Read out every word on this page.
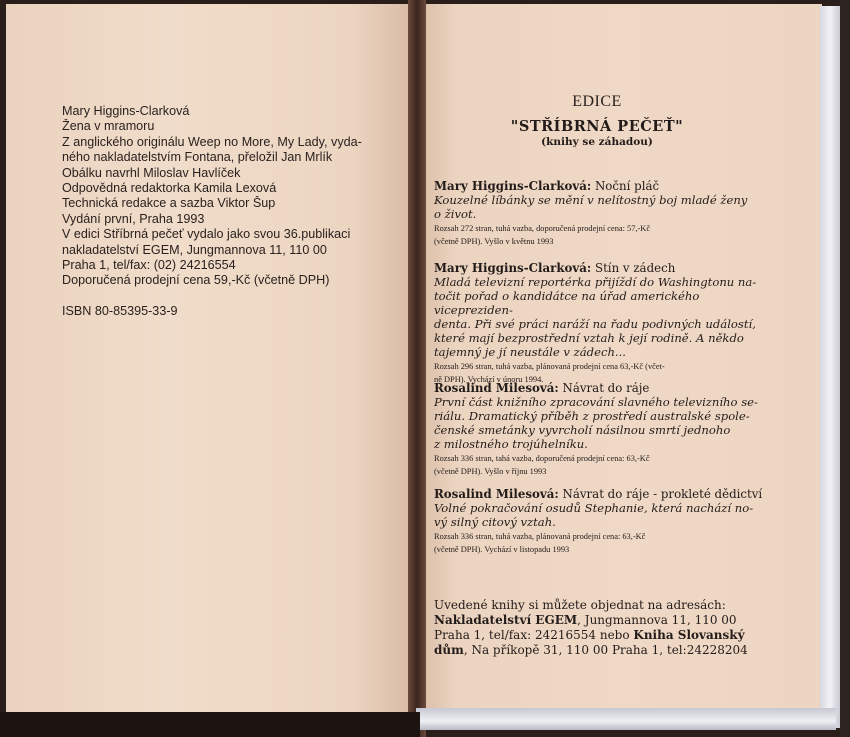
Mary Higgins-Clarková
Žena v mramoru
Z anglického originálu Weep no More, My Lady, vyda-
ného nakladatelstvím Fontana, přeložil Jan Mrlík
Obálku navrhl Miloslav Havlíček
Odpovědná redaktorka Kamila Lexová
Technická redakce a sazba Viktor Šup
Vydání první, Praha 1993
V edici Stříbrná pečeť vydalo jako svou 36.publikaci
nakladatelství EGEM, Jungmannova 11, 110 00
Praha 1, tel/fax: (02) 24216554
Doporučená prodejní cena 59,-Kč (včetně DPH)
ISBN 80-85395-33-9
EDICE
"STŘÍBRNÁ PEČEŤ"
(knihy se záhadou)
Mary Higgins-Clarková: Noční pláč
Kouzelné líbánky se mění v nelítostný boj mladé ženy
o život.
Rozsah 272 stran, tuhá vazba, doporučená prodejní cena: 57,-Kč
(včetně DPH). Vyšlo v květnu 1993
Mary Higgins-Clarková: Stín v zádech
Mladá televizní reportérka přijíždí do Washingtonu na-
točit pořad o kandidátce na úřad amerického vicepreziden-
denta. Při své práci naráží na řadu podivných událostí,
které mají bezprostřední vztah k její rodině. A někdo
tajemný je jí neustále v zádech...
Rozsah 296 stran, tuhá vazba, plánovaná prodejní cena 63,-Kč (včet-
ně DPH). Vychází v únoru 1994.
Rosalind Milesová: Návrat do ráje
První část knižního zpracování slavného televizního se-
riálu. Dramatický příběh z prostředí australské spole-
čenské smetánky vyvrcholí násilnou smrtí jednoho
z milostného trojúhelníku.
Rozsah 336 stran, tahá vazba, doporučená prodejní cena: 63,-Kč
(včetně DPH). Vyšlo v říjnu 1993
Rosalind Milesová: Návrat do ráje - prokleté dědictví
Volné pokračování osudů Stephanie, která nachází no-
vý silný citový vztah.
Rozsah 336 stran, tuhá vazba, plánovaná prodejní cena: 63,-Kč
(včetně DPH). Vychází v listopadu 1993
Uvedené knihy si můžete objednat na adresách:
Nakladatelství EGEM, Jungmannova 11, 110 00
Praha 1, tel/fax: 24216554 nebo Kniha Slovanský
dům, Na příkopě 31, 110 00 Praha 1, tel:24228204
